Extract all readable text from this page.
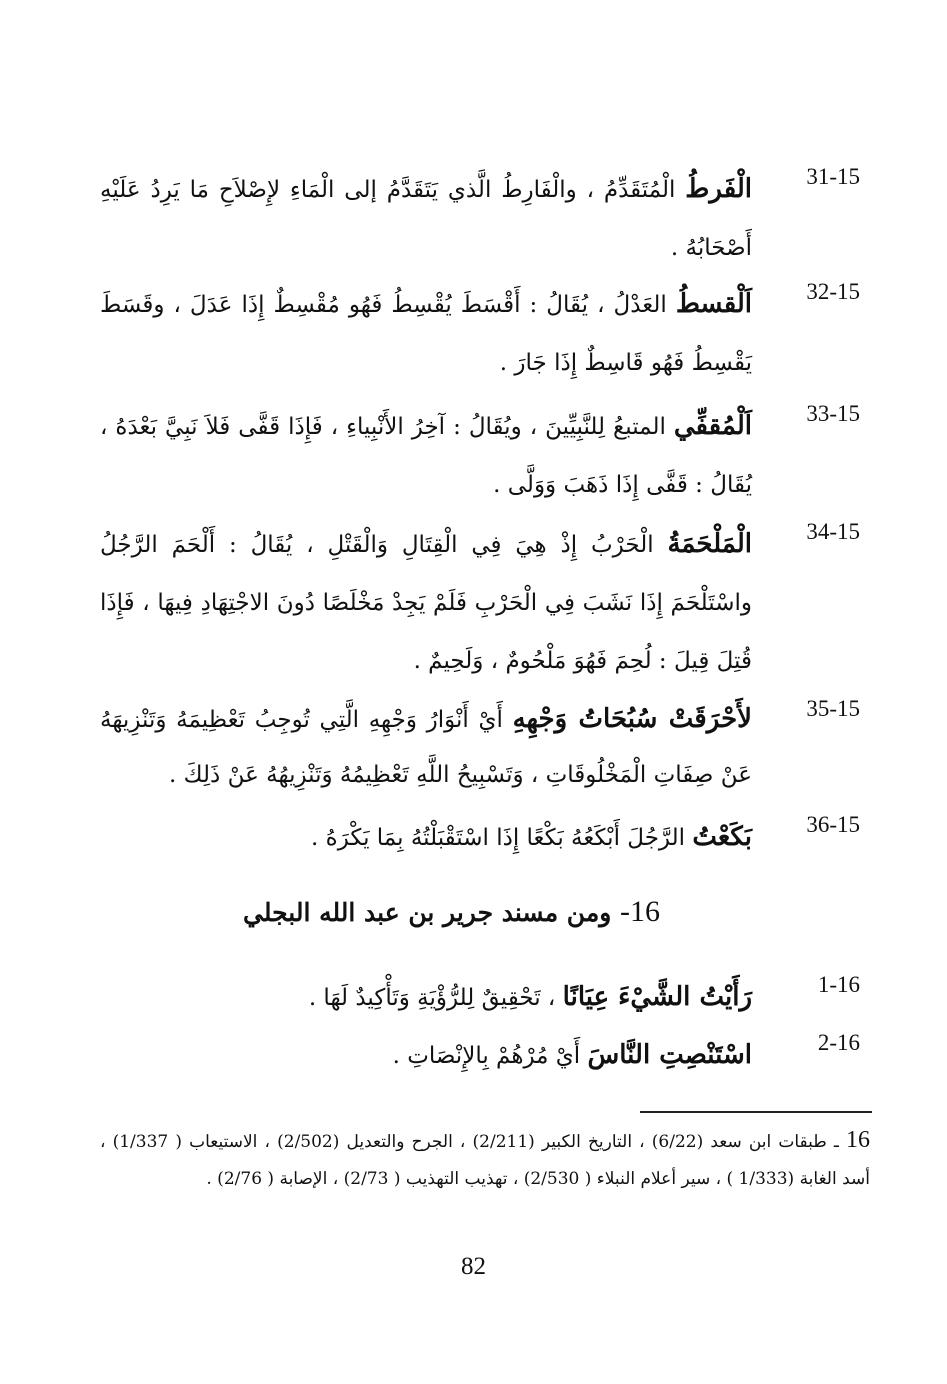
31-15
الْفَرطُ الْمُتَقَدِّمُ ، والْفَارِطُ الَّذي يَتَقَدَّمُ إلى الْمَاءِ لإِصْلاَحِ مَا يَرِدُ عَلَيْهِ أَصْحَابُهُ .
32-15
اَلْقسطُ العَدْلُ ، يُقَالُ : أَقْسَطَ يُقْسِطُ فَهُو مُقْسِطٌ إِذَا عَدَلَ ، وقَسَطَ يَقْسِطُ فَهُو قَاسِطٌ إِذَا جَارَ .
33-15
اَلْمُقفِّي المتبعُ لِلنَّبِيِّينَ ، ويُقَالُ : آخِرُ الأَنْبِياءِ ، فَإِذَا قَفَّى فَلاَ نَبِيَّ بَعْدَهُ ، يُقَالُ : قَفَّى إِذَا ذَهَبَ وَوَلَّى .
34-15
الْمَلْحَمَةُ الْحَرْبُ إِذْ هِيَ فِي الْقِتَالِ وَالْقَتْلِ ، يُقَالُ : أَلْحَمَ الرَّجُلُ واسْتَلْحَمَ إِذَا نَشَبَ فِي الْحَرْبِ فَلَمْ يَجِدْ مَخْلَصًا دُونَ الاجْتِهَادِ فِيهَا ، فَإِذَا قُتِلَ قِيلَ : لُحِمَ فَهُوَ مَلْحُومٌ ، وَلَحِيمٌ .
35-15
لأَحْرَقَتْ سُبُحَاتُ وَجْهِهِ أَيْ أَنْوَارُ وَجْهِهِ الَّتِي تُوجِبُ تَعْظِيمَهُ وَتَنْزِيهَهُ عَنْ صِفَاتِ الْمَخْلُوقَاتِ ، وَتَسْبِيحُ اللَّهِ تَعْظِيمُهُ وَتَنْزِيهُهُ عَنْ ذَلِكَ .
36-15
بَكَعْتُ الرَّجُلَ أَبْكَعُهُ بَكْعًا إِذَا اسْتَقْبَلْتُهُ بِمَا يَكْرَهُ .
16- ومن مسند جرير بن عبد الله البجلي
1-16
رَأَيْتُ الشَّيْءَ عِيَانًا ، تَحْقِيقٌ لِلرُّؤْيَةِ وَتَأْكِيدٌ لَهَا .
2-16
اسْتَنْصِتِ النَّاسَ أَيْ مُرْهُمْ بِالإِنْصَاتِ .
16 ـ طبقات ابن سعد (6/22) ، التاريخ الكبير (2/211) ، الجرح والتعديل (2/502) ، الاستيعاب ( 1/337) ، أسد الغابة (1/333 ) ، سير أعلام النبلاء ( 2/530) ، تهذيب التهذيب ( 2/73) ، الإصابة ( 2/76) .
82
